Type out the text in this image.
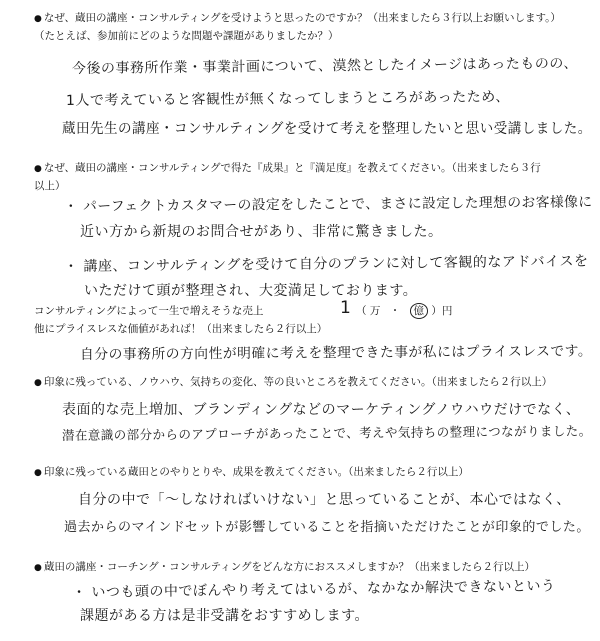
● なぜ、蔵田の講座・コンサルティングを受けようと思ったのですか？（出来ましたら３行以上お願いします。）
（たとえば、参加前にどのような問題や課題がありましたか？）
今後の事務所作業・事業計画について、漠然としたイメージはあったものの、
1人で考えていると客観性が無くなってしまうところがあったため、
蔵田先生の講座・コンサルティングを受けて考えを整理したいと思い受講しました。
● なぜ、蔵田の講座・コンサルティングで得た『成果』と『満足度』を教えてください。（出来ましたら３行
以上）
・ パーフェクトカスタマーの設定をしたことで、まさに設定した理想のお客様像に
近い方から新規のお問合せがあり、非常に驚きました。
・ 講座、コンサルティングを受けて自分のプランに対して客観的なアドバイスを
いただけて頭が整理され、大変満足しております。
コンサルティングによって一生で増えそうな売上	1 （ 万 ・ 億 ）円
他にプライスレスな価値があれば！（出来ましたら２行以上）
自分の事務所の方向性が明確に考えを整理できた事が私にはプライスレスです。
● 印象に残っている、ノウハウ、気持ちの変化、等の良いところを教えてください。（出来ましたら２行以上）
表面的な売上増加、ブランディングなどのマーケティングノウハウだけでなく、
潜在意識の部分からのアプローチがあったことで、考えや気持ちの整理につながりました。
● 印象に残っている蔵田とのやりとりや、成果を教えてください。（出来ましたら２行以上）
自分の中で「〜しなければいけない」と思っていることが、本心ではなく、
過去からのマインドセットが影響していることを指摘いただけたことが印象的でした。
● 蔵田の講座・コーチング・コンサルティングをどんな方におススメしますか？（出来ましたら２行以上）
・ いつも頭の中でぼんやり考えてはいるが、なかなか解決できないという
課題がある方は是非受講をおすすめします。
